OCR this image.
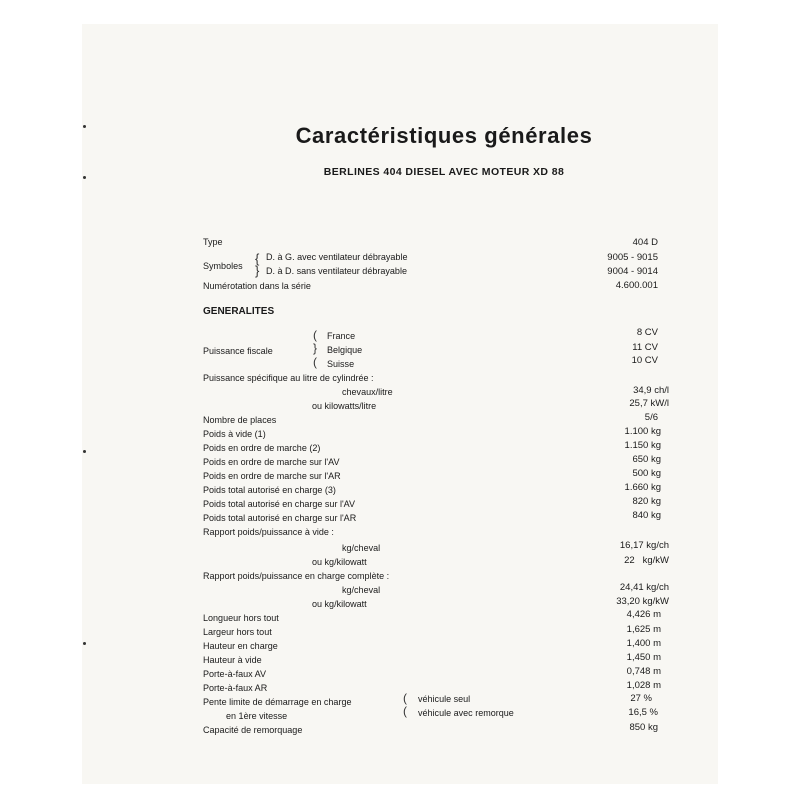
Caractéristiques générales
BERLINES 404 DIESEL AVEC MOTEUR XD 88
Type	404 D
Symboles
{ D. à G. avec ventilateur débrayable	9005 - 9015
} D. à D. sans ventilateur débrayable	9004 - 9014
Numérotation dans la série	4.600.001
GENERALITES
( France	8 CV
Puissance fiscale	} Belgique	11 CV
( Suisse	10 CV
Puissance spécifique au litre de cylindrée :
chevaux/litre	34,9 ch/l
ou kilowatts/litre	25,7 kW/l
Nombre de places	5/6
Poids à vide (1)	1.100 kg
Poids en ordre de marche (2)	1.150 kg
Poids en ordre de marche sur l'AV	650 kg
Poids en ordre de marche sur l'AR	500 kg
Poids total autorisé en charge (3)	1.660 kg
Poids total autorisé en charge sur l'AV	820 kg
Poids total autorisé en charge sur l'AR	840 kg
Rapport poids/puissance à vide :
kg/cheval	16,17 kg/ch
ou kg/kilowatt	22   kg/kW
Rapport poids/puissance en charge complète :
kg/cheval	24,41 kg/ch
ou kg/kilowatt	33,20 kg/kW
Longueur hors tout	4,426 m
Largeur hors tout	1,625 m
Hauteur en charge	1,400 m
Hauteur à vide	1,450 m
Porte-à-faux AV	0,748 m
Porte-à-faux AR	1,028 m
Pente limite de démarrage en charge	( véhicule seul	27 %
en 1ère vitesse	( véhicule avec remorque	16,5 %
Capacité de remorquage	850 kg
